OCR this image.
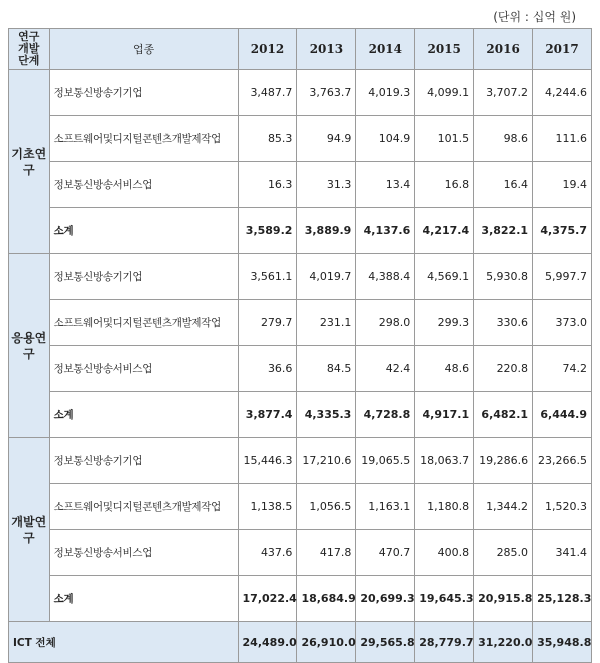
(단위 : 십억 원)
연구
개발
단계	업종	2012	2013	2014	2015	2016	2017
기초연
구	정보통신방송기기업	3,487.7	3,763.7	4,019.3	4,099.1	3,707.2	4,244.6
	소프트웨어및디지털콘텐츠개발제작업	85.3	94.9	104.9	101.5	98.6	111.6
	정보통신방송서비스업	16.3	31.3	13.4	16.8	16.4	19.4
	소계	3,589.2	3,889.9	4,137.6	4,217.4	3,822.1	4,375.7
응용연
구	정보통신방송기기업	3,561.1	4,019.7	4,388.4	4,569.1	5,930.8	5,997.7
	소프트웨어및디지털콘텐츠개발제작업	279.7	231.1	298.0	299.3	330.6	373.0
	정보통신방송서비스업	36.6	84.5	42.4	48.6	220.8	74.2
	소계	3,877.4	4,335.3	4,728.8	4,917.1	6,482.1	6,444.9
개발연
구	정보통신방송기기업	15,446.3	17,210.6	19,065.5	18,063.7	19,286.6	23,266.5
	소프트웨어및디지털콘텐츠개발제작업	1,138.5	1,056.5	1,163.1	1,180.8	1,344.2	1,520.3
	정보통신방송서비스업	437.6	417.8	470.7	400.8	285.0	341.4
	소계	17,022.4	18,684.9	20,699.3	19,645.3	20,915.8	25,128.3
ICT 전체		24,489.0	26,910.0	29,565.8	28,779.7	31,220.0	35,948.8
